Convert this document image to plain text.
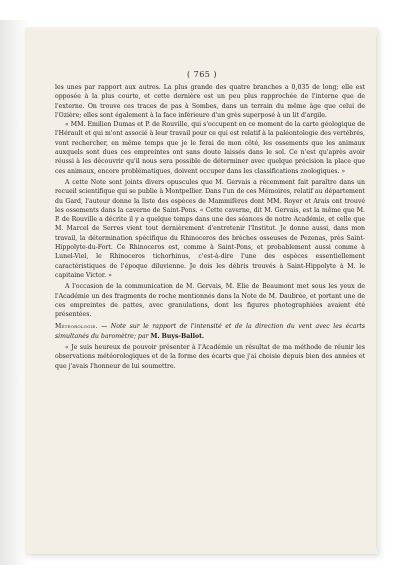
( 765 )

les unes par rapport aux autres. La plus grande des quatre branches a 0,035 de long; elle est opposée à la plus courte, et cette dernière est un peu plus rapprochée de l'interne que de l'externe. On trouve ces traces de pas à Sombes, dans un terrain du même âge que celui de l'Ozière; elles sont également à la face inférieure d'un grès superposé à un lit d'argile.

« MM. Emilien Dumas et P. de Rouville, qui s'occupent en ce moment de la carte géologique de l'Hérault et qui m'ont associé à leur travail pour ce qui est relatif à la paléontologie des vertébrés, vont rechercher, en même temps que je le ferai de mon côté, les ossements que les animaux auxquels sont dues ces empreintes ont sans doute laissés dans le sol. Ce n'est qu'après avoir réussi à les découvrir qu'il nous sera possible de déterminer avec quelque précision la place que ces animaux, encore problématiques, doivent occuper dans les classifications zoologiques. »

A cette Note sont joints divers opuscules que M. Gervais a récemment fait paraître dans un recueil scientifique qui se publie à Montpellier. Dans l'un de ces Mémoires, relatif au département du Gard, l'auteur donne la liste des espèces de Mammifères dont MM. Royer et Arais ont trouvé les ossements dans la caverne de Saint-Pons. « Cette caverne, dit M. Gervais, est la même que M. P. de Rouville a décrite il y a quelque temps dans une des séances de notre Académie, et celle que M. Marcel de Serres vient tout dernièrement d'entretenir l'Institut. Je donne aussi, dans mon travail, la détermination spécifique du Rhinoceros des brèches osseuses de Pezenas, près Saint-Hippolyte-du-Fort. Ce Rhinoceros est, comme à Saint-Pons, et probablement aussi comme à Lunel-Viel, le Rhinoceros tichorhinus, c'est-à-dire l'une des espèces essentiellement caractéristiques de l'époque diluvienne. Je dois les débris trouvés à Saint-Hippolyte à M. le capitaine Victor. »

A l'occasion de la communication de M. Gervais, M. Elie de Beaumont met sous les yeux de l'Académie un des fragments de roche mentionnés dans la Note de M. Daubrée, et portant une de ces empreintes de pattes, avec granulations, dont les figures photographiées avaient été présentées.

Météorologie. — Note sur le rapport de l'intensité et de la direction du vent avec les écarts simultanés du baromètre; par M. Buys-Ballot.

« Je suis heureux de pouvoir présenter à l'Académie un résultat de ma méthode de réunir les observations météorologiques et de la forme des écarts que j'ai choisie depuis bien des années et que j'avais l'honneur de lui soumettre.
